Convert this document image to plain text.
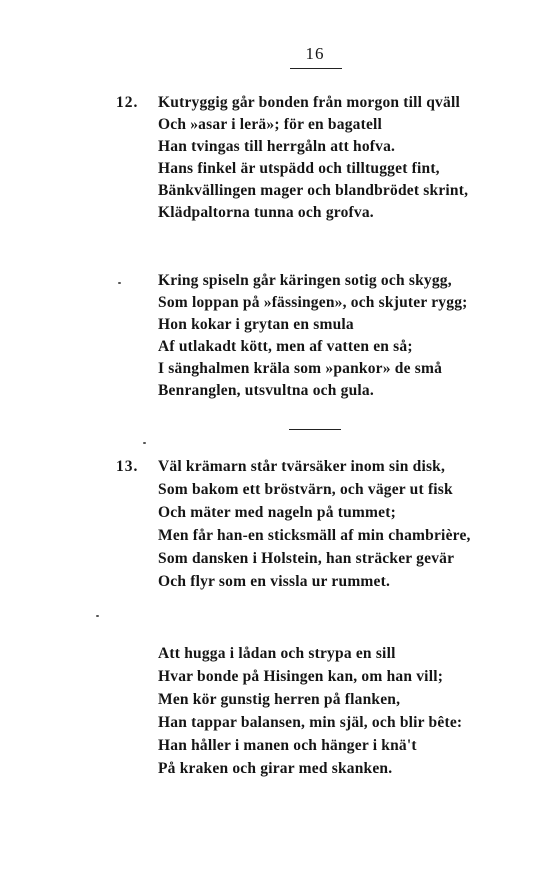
16
12. Kutryggig går bonden från morgon till qväll
Och »asar i lerä»; för en bagatell
Han tvingas till herrgåln att hofva.
Hans finkel är utspädd och tilltugget fint,
Bänkvällingen mager och blandbrödet skrint,
Klädpaltorna tunna och grofva.
Kring spiseln går käringen sotig och skygg,
Som loppan på »fässingen», och skjuter rygg;
Hon kokar i grytan en smula
Af utlakadt kött, men af vatten en så;
I sänghalmen kräla som »pankor» de små
Benranglen, utsvultna och gula.
13. Väl krämarn står tvärsäker inom sin disk,
Som bakom ett bröstvärn, och väger ut fisk
Och mäter med nageln på tummet;
Men får han-en sticksmäll af min chambrière,
Som dansken i Holstein, han sträcker gevär
Och flyr som en vissla ur rummet.
Att hugga i lådan och strypa en sill
Hvar bonde på Hisingen kan, om han vill;
Men kör gunstig herren på flanken,
Han tappar balansen, min själ, och blir bête:
Han håller i manen och hänger i knä't
På kraken och girar med skanken.
